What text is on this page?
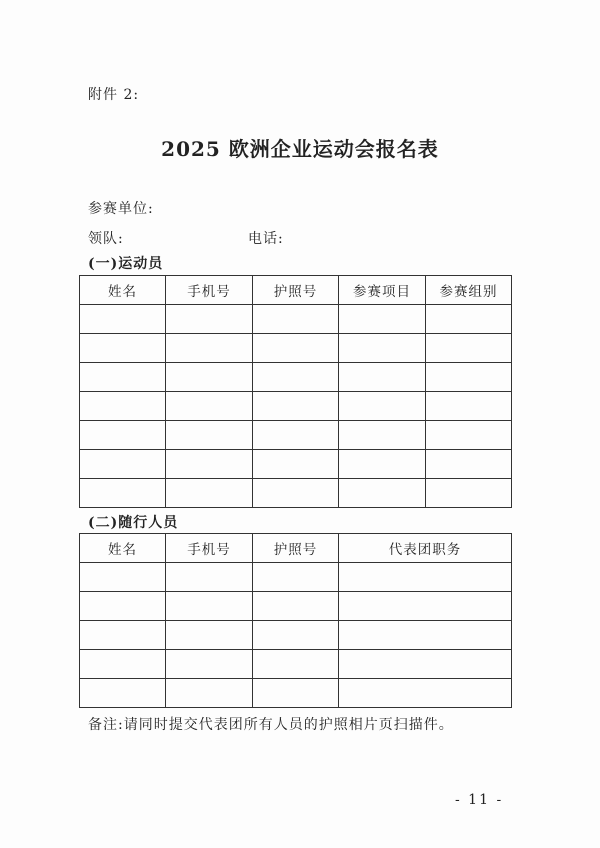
附件 2:
2025 欧洲企业运动会报名表
参赛单位:
领队:	电话:
(一)运动员
姓名	手机号	护照号	参赛项目	参赛组别

(二)随行人员
姓名	手机号	护照号	代表团职务

备注:请同时提交代表团所有人员的护照相片页扫描件。
- 11 -
